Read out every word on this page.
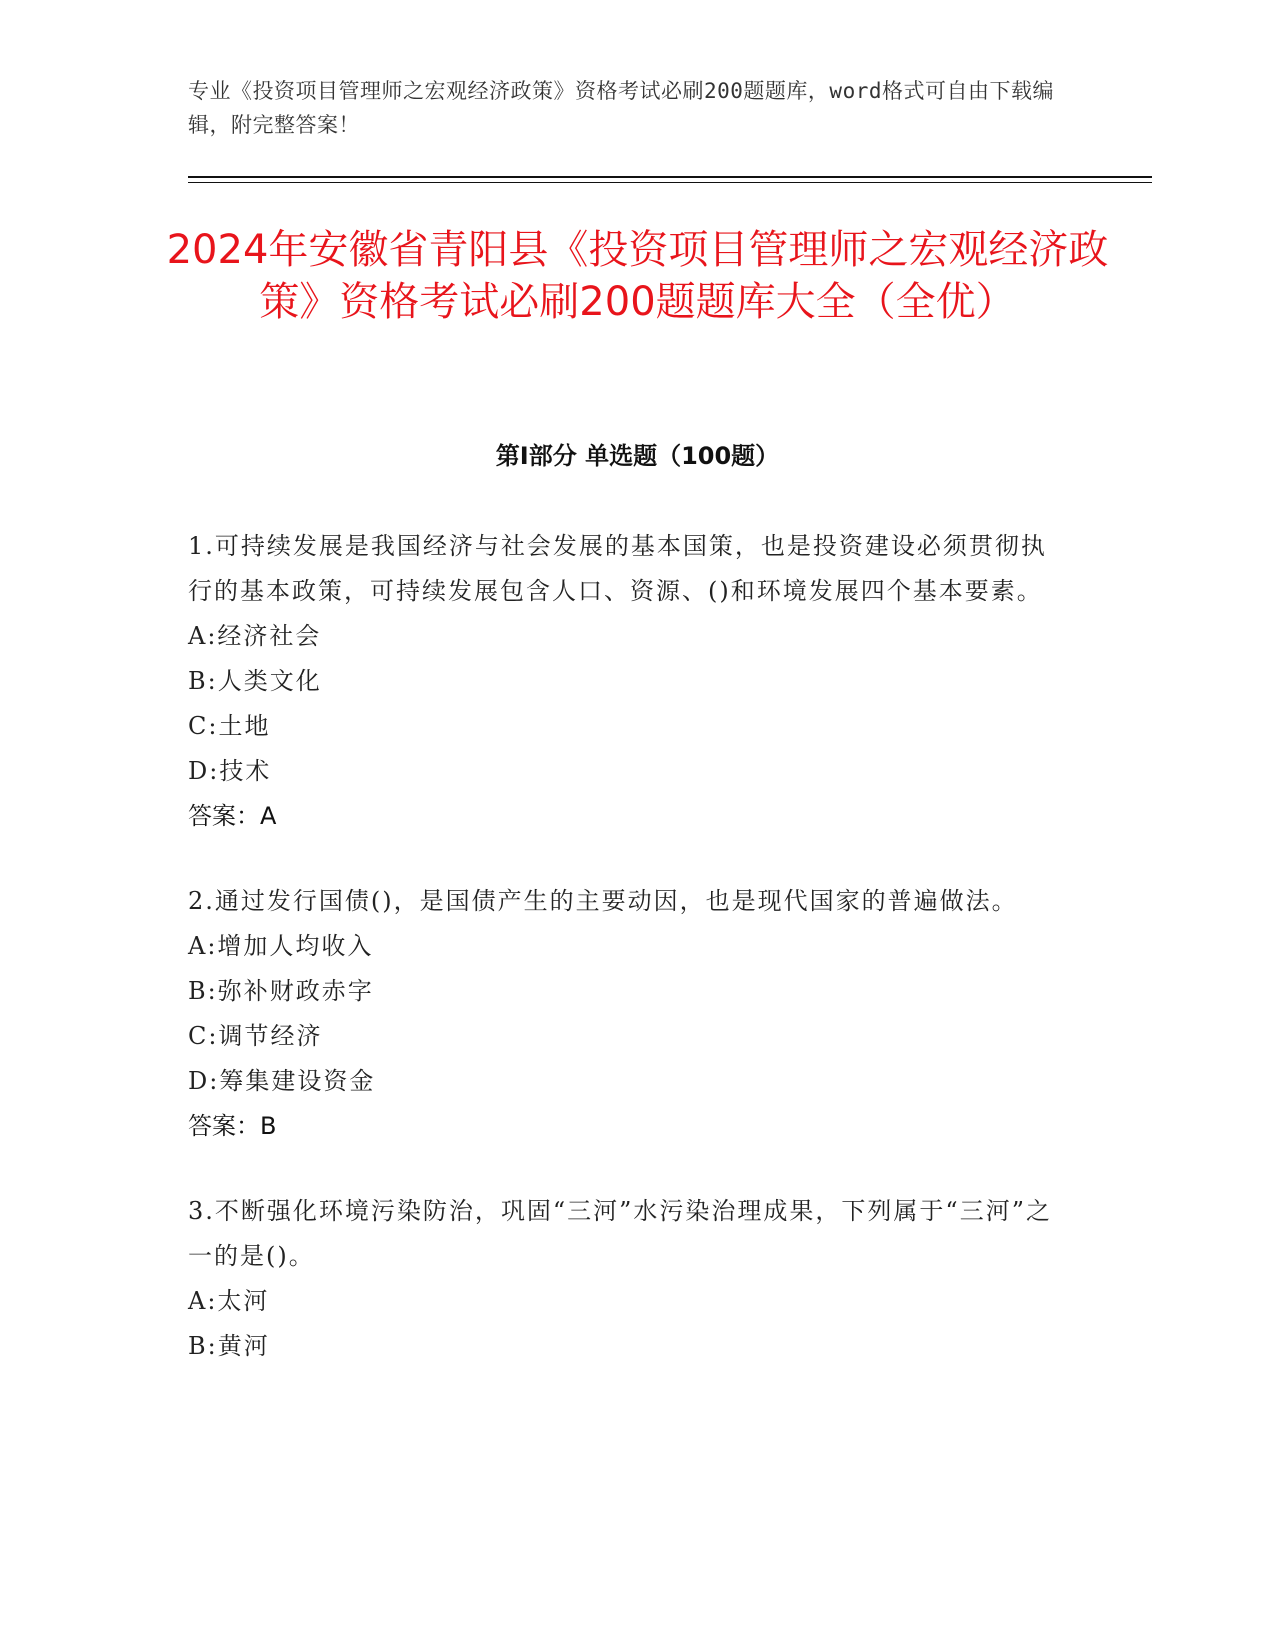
专业《投资项目管理师之宏观经济政策》资格考试必刷200题题库，word格式可自由下载编辑，附完整答案！
2024年安徽省青阳县《投资项目管理师之宏观经济政策》资格考试必刷200题题库大全（全优）
第I部分 单选题（100题）
1.可持续发展是我国经济与社会发展的基本国策，也是投资建设必须贯彻执行的基本政策，可持续发展包含人口、资源、()和环境发展四个基本要素。
A:经济社会
B:人类文化
C:土地
D:技术
答案：A
2.通过发行国债()，是国债产生的主要动因，也是现代国家的普遍做法。
A:增加人均收入
B:弥补财政赤字
C:调节经济
D:筹集建设资金
答案：B
3.不断强化环境污染防治，巩固“三河”水污染治理成果，下列属于“三河”之一的是()。
A:太河
B:黄河
